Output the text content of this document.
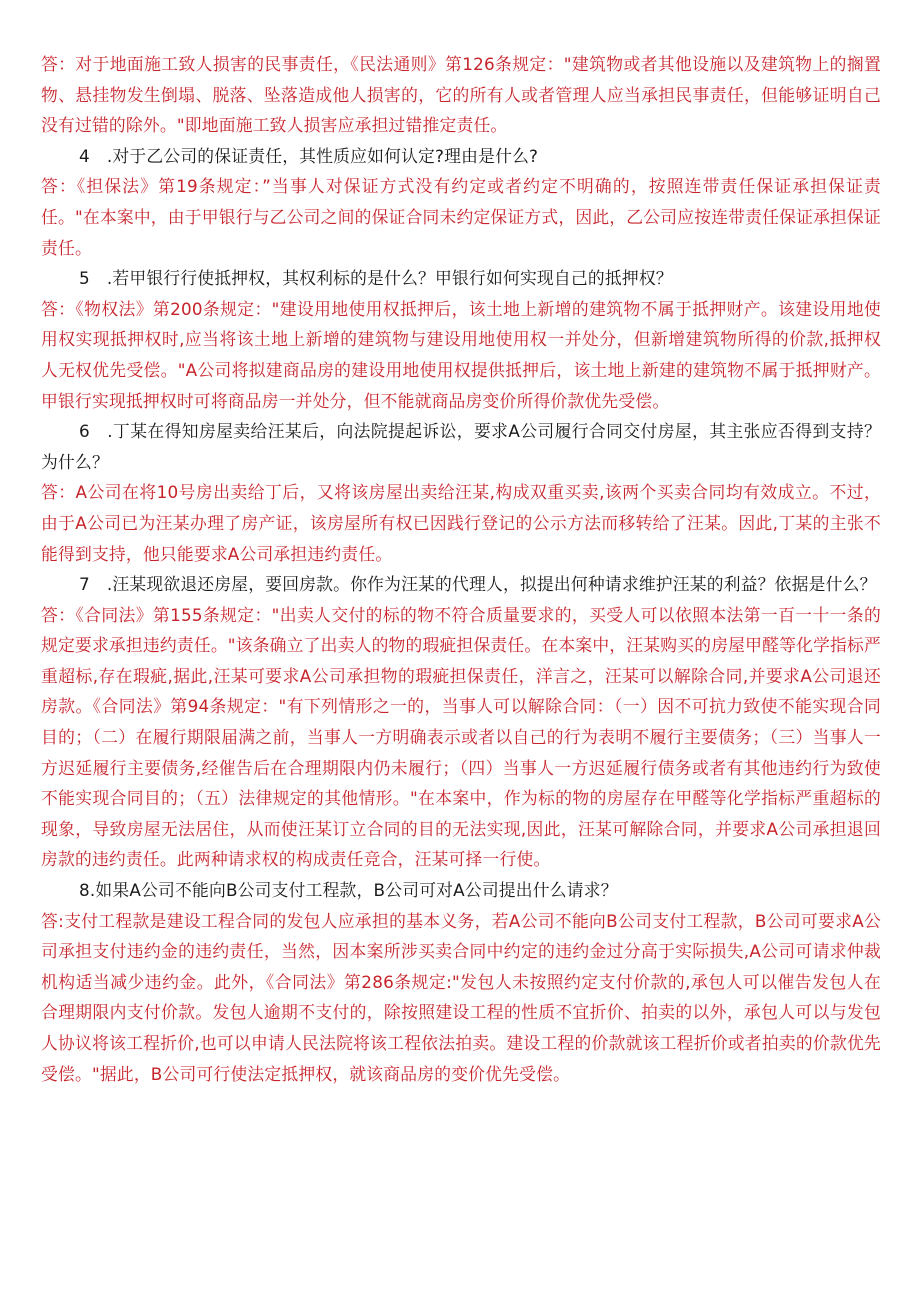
答：对于地面施工致人损害的民事责任，《民法通则》第126条规定："建筑物或者其他设施以及建筑物上的搁置物、悬挂物发生倒塌、脱落、坠落造成他人损害的，它的所有人或者管理人应当承担民事责任，但能够证明自己没有过错的除外。"即地面施工致人损害应承担过错推定责任。

4　.对于乙公司的保证责任，其性质应如何认定?理由是什么?

答：《担保法》第19条规定：”当事人对保证方式没有约定或者约定不明确的，按照连带责任保证承担保证责任。"在本案中，由于甲银行与乙公司之间的保证合同未约定保证方式，因此，乙公司应按连带责任保证承担保证责任。

5　.若甲银行行使抵押权，其权利标的是什么？甲银行如何实现自己的抵押权？

答：《物权法》第200条规定："建设用地使用权抵押后，该土地上新增的建筑物不属于抵押财产。该建设用地使用权实现抵押权时,应当将该土地上新增的建筑物与建设用地使用权一并处分，但新增建筑物所得的价款,抵押权人无权优先受偿。"A公司将拟建商品房的建设用地使用权提供抵押后，该土地上新建的建筑物不属于抵押财产。甲银行实现抵押权时可将商品房一并处分，但不能就商品房变价所得价款优先受偿。

6　.丁某在得知房屋卖给汪某后，向法院提起诉讼，要求A公司履行合同交付房屋，其主张应否得到支持？为什么？

答：A公司在将10号房出卖给丁后，又将该房屋出卖给汪某,构成双重买卖,该两个买卖合同均有效成立。不过，由于A公司已为汪某办理了房产证，该房屋所有权已因践行登记的公示方法而移转给了汪某。因此,丁某的主张不能得到支持，他只能要求A公司承担违约责任。

7　.汪某现欲退还房屋，要回房款。你作为汪某的代理人，拟提出何种请求维护汪某的利益？依据是什么？

答：《合同法》第155条规定："出卖人交付的标的物不符合质量要求的，买受人可以依照本法第一百一十一条的规定要求承担违约责任。"该条确立了出卖人的物的瑕疵担保责任。在本案中，汪某购买的房屋甲醛等化学指标严重超标,存在瑕疵,据此,汪某可要求A公司承担物的瑕疵担保责任，洋言之，汪某可以解除合同,并要求A公司退还房款。《合同法》第94条规定："有下列情形之一的，当事人可以解除合同：（一）因不可抗力致使不能实现合同目的；（二）在履行期限届满之前，当事人一方明确表示或者以自己的行为表明不履行主要债务；（三）当事人一方迟延履行主要债务,经催告后在合理期限内仍未履行；（四）当事人一方迟延履行债务或者有其他违约行为致使不能实现合同目的；（五）法律规定的其他情形。"在本案中，作为标的物的房屋存在甲醛等化学指标严重超标的现象，导致房屋无法居住，从而使汪某订立合同的目的无法实现,因此，汪某可解除合同，并要求A公司承担退回房款的违约责任。此两种请求权的构成责任竞合，汪某可择一行使。

8.如果A公司不能向B公司支付工程款，B公司可对A公司提出什么请求？

答:支付工程款是建设工程合同的发包人应承担的基本义务，若A公司不能向B公司支付工程款，B公司可要求A公司承担支付违约金的违约责任，当然，因本案所涉买卖合同中约定的违约金过分高于实际损失,A公司可请求仲裁机构适当减少违约金。此外，《合同法》第286条规定:"发包人未按照约定支付价款的,承包人可以催告发包人在合理期限内支付价款。发包人逾期不支付的，除按照建设工程的性质不宜折价、拍卖的以外，承包人可以与发包人协议将该工程折价,也可以申请人民法院将该工程依法拍卖。建设工程的价款就该工程折价或者拍卖的价款优先受偿。"据此，B公司可行使法定抵押权，就该商品房的变价优先受偿。
